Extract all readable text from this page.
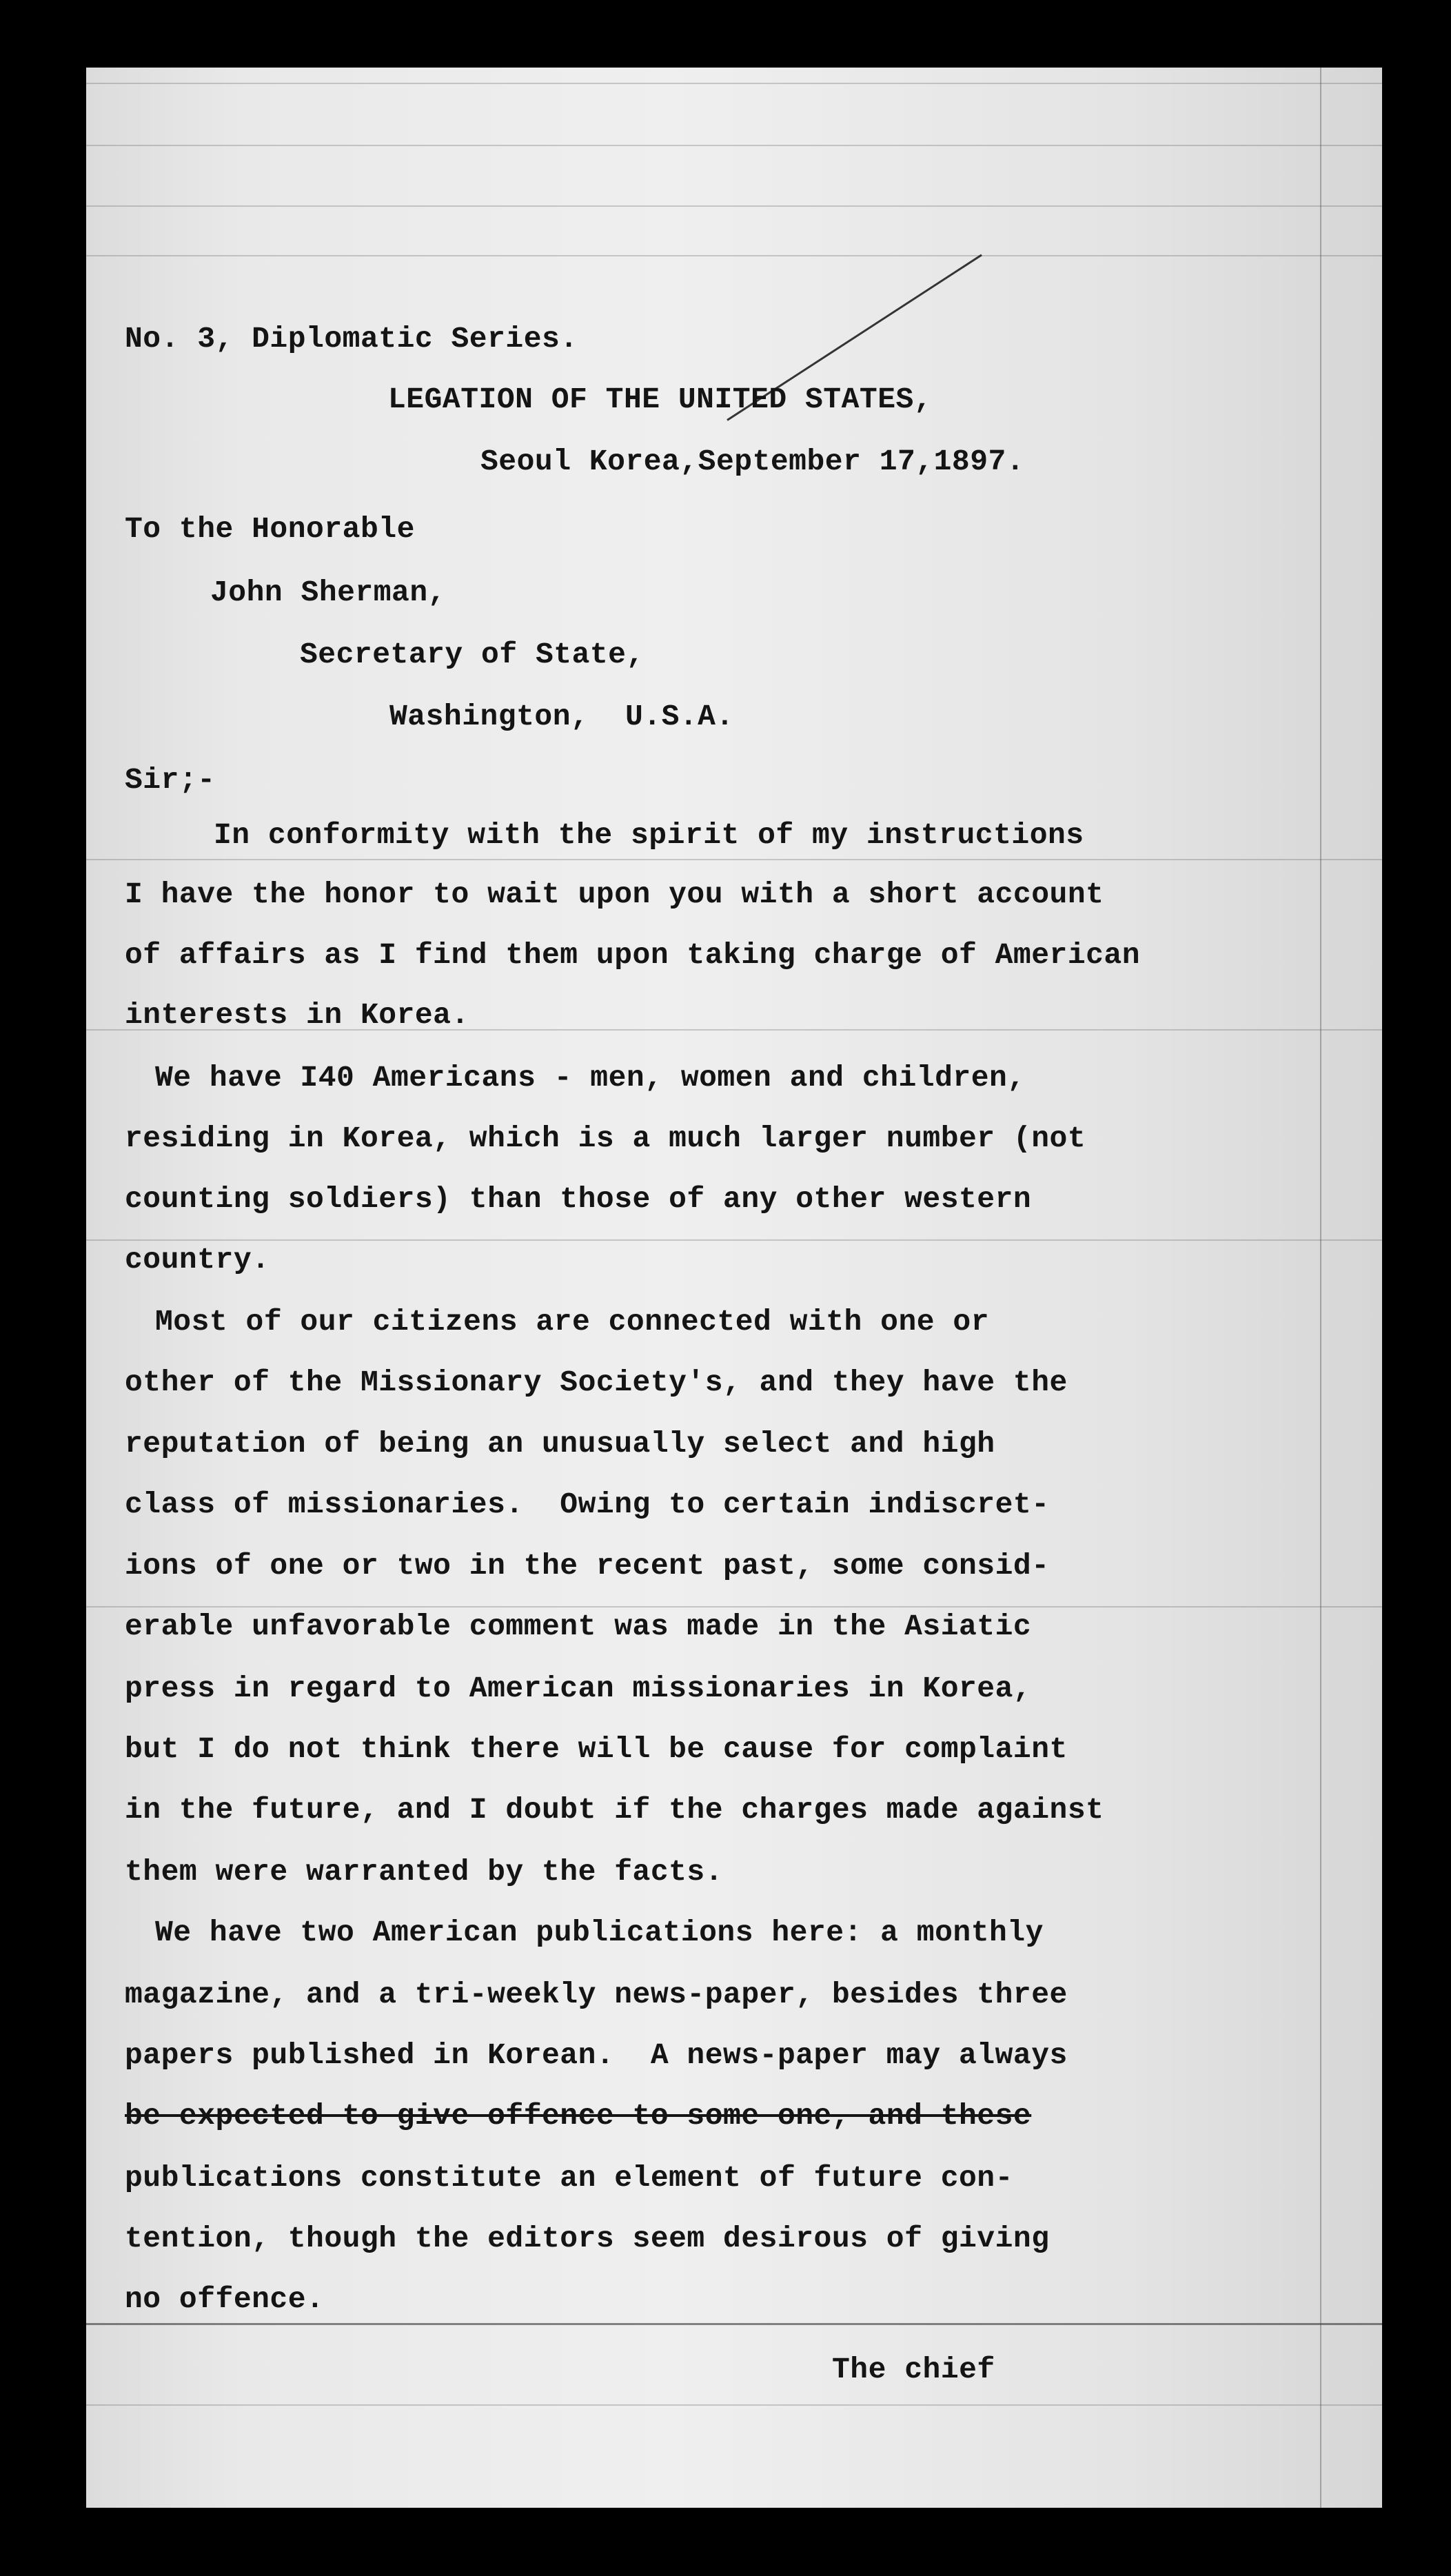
No. 3, Diplomatic Series.
LEGATION OF THE UNITED STATES,
Seoul Korea,September 17,1897.
To the Honorable
John Sherman,
Secretary of State,
Washington,  U.S.A.
Sir;-
In conformity with the spirit of my instructions
I have the honor to wait upon you with a short account
of affairs as I find them upon taking charge of American
interests in Korea.
We have I40 Americans - men, women and children,
residing in Korea, which is a much larger number (not
counting soldiers) than those of any other western
country.
Most of our citizens are connected with one or
other of the Missionary Society's, and they have the
reputation of being an unusually select and high
class of missionaries.  Owing to certain indiscret-
ions of one or two in the recent past, some consid-
erable unfavorable comment was made in the Asiatic
press in regard to American missionaries in Korea,
but I do not think there will be cause for complaint
in the future, and I doubt if the charges made against
them were warranted by the facts.
We have two American publications here: a monthly
magazine, and a tri-weekly news-paper, besides three
papers published in Korean.  A news-paper may always
be expected to give offence to some one, and these
publications constitute an element of future con-
tention, though the editors seem desirous of giving
no offence.
The chief
